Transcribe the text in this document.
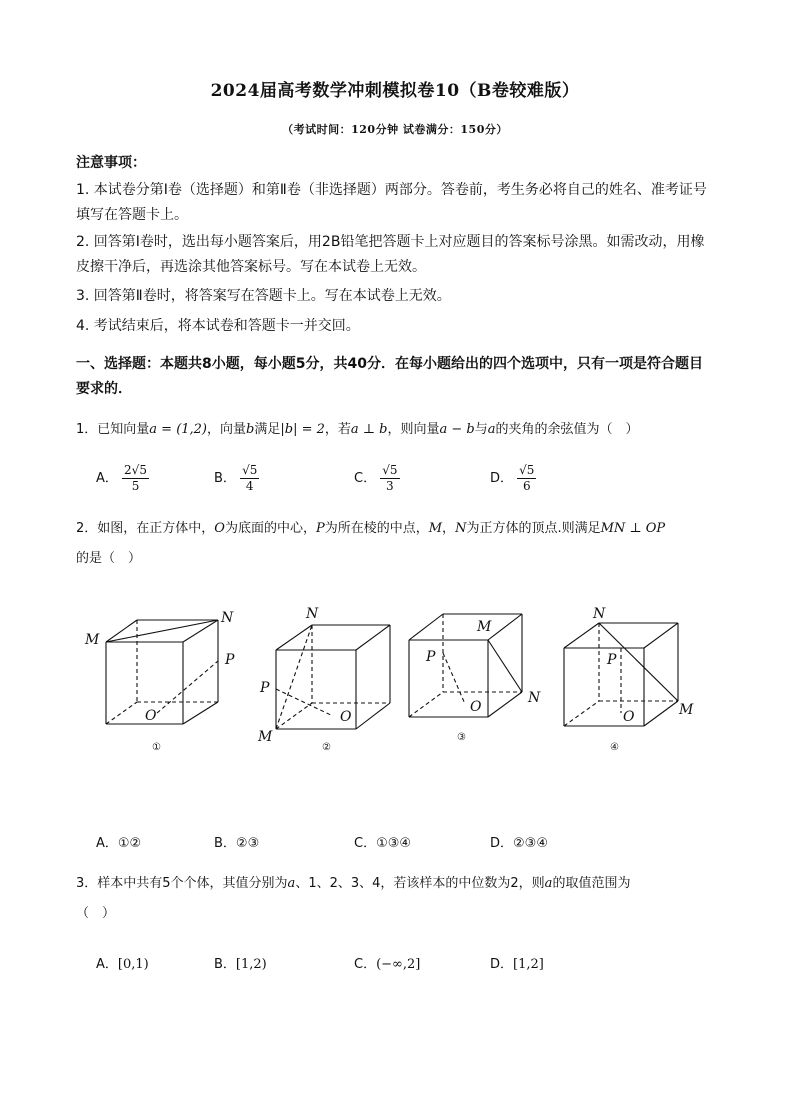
2024届高考数学冲刺模拟卷10（B卷较难版）
（考试时间：120分钟 试卷满分：150分）
注意事项：
1. 本试卷分第Ⅰ卷（选择题）和第Ⅱ卷（非选择题）两部分。答卷前，考生务必将自己的姓名、准考证号填写在答题卡上。
2. 回答第Ⅰ卷时，选出每小题答案后，用2B铅笔把答题卡上对应题目的答案标号涂黑。如需改动，用橡皮擦干净后，再选涂其他答案标号。写在本试卷上无效。
3. 回答第Ⅱ卷时，将答案写在答题卡上。写在本试卷上无效。
4. 考试结束后，将本试卷和答题卡一并交回。
一、选择题：本题共8小题，每小题5分，共40分．在每小题给出的四个选项中，只有一项是符合题目要求的．
1．已知向量a = (1,2)，向量b满足|b| = 2，若a ⊥ b，则向量a − b与a的夹角的余弦值为（　）
A． $\frac{2√5}{5}$	B． $\frac{√5}{4}$	C． $\frac{√5}{3}$	D． $\frac{√5}{6}$
2．如图，在正方体中，O为底面的中心，P为所在棱的中点，M，N为正方体的顶点.则满足MN ⊥ OP
的是（　）
M
N
P
O
①
N
P
O
M
②
M
P
O
N
③
N
P
O	M
④
A．①②	B．②③	C．①③④	D．②③④
3．样本中共有5个个体，其值分别为a、1、2、3、4，若该样本的中位数为2，则a的取值范围为
（　）
A．[0,1)	B．[1,2)	C．(−∞,2]	D．[1,2]
